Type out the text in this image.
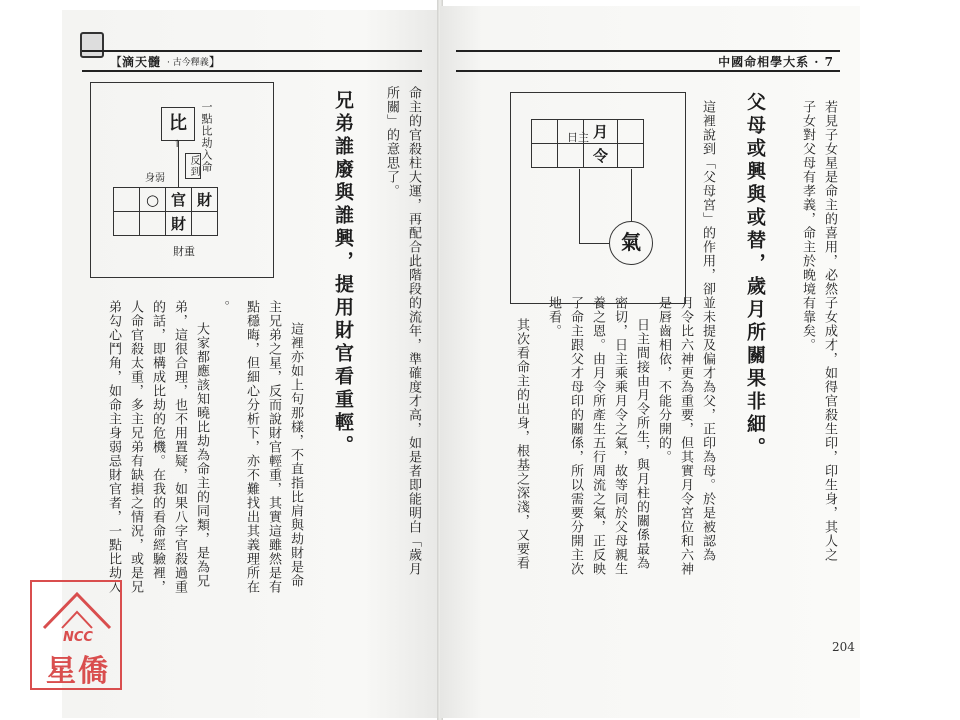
【 滴天髓 · 古今釋義 】
比	一點比劫入命
↑
反到
身弱
	○	官	財
		財	
財重	命主的官殺柱大運，再配合此階段的流年，準確度才高，如是者即能明白「歲月
所關」的意思了。
兄弟誰廢與誰興，提用財官看重輕。
這裡亦如上句那樣，不直指比肩與劫財是命
主兄弟之星，反而說財官輕重，其實這雖然是有
點穩晦，但細心分析下，亦不難找出其義理所在
。
大家都應該知曉比劫為命主的同類，是為兄
弟，這很合理，也不用置疑，如果八字官殺過重
的話，即構成比劫的危機。在我的看命經驗裡，
人命官殺太重，多主兄弟有缺損之情況，或是兄
弟勾心鬥角，如命主身弱忌財官者，一點比劫入
中國命相學大系 · 7
若見子女星是命主的喜用，必然子女成才，如得官殺生印，印生身，其人之
子女對父母有孝義，命主於晚境有靠矣。
父母或興與或替，歲月所關果非細。
這裡說到「父母宮」的作用，卻並未提及偏才為父，正印為母。於是被認為
月令比六神更為重要，但其實月令宮位和六神
是唇齒相依，不能分開的。
日主間接由月令所生，與月柱的關係最為
密切，日主乘乘月令之氣，故等同於父母親生
養之恩。由月令所產生五行周流之氣，正反映
了命主跟父才母印的關係，所以需要分開主次
地看。
其次看命主的出身，根基之深淺，又要看
日主
		月	
		令	
氣
204
NCC
星僑
